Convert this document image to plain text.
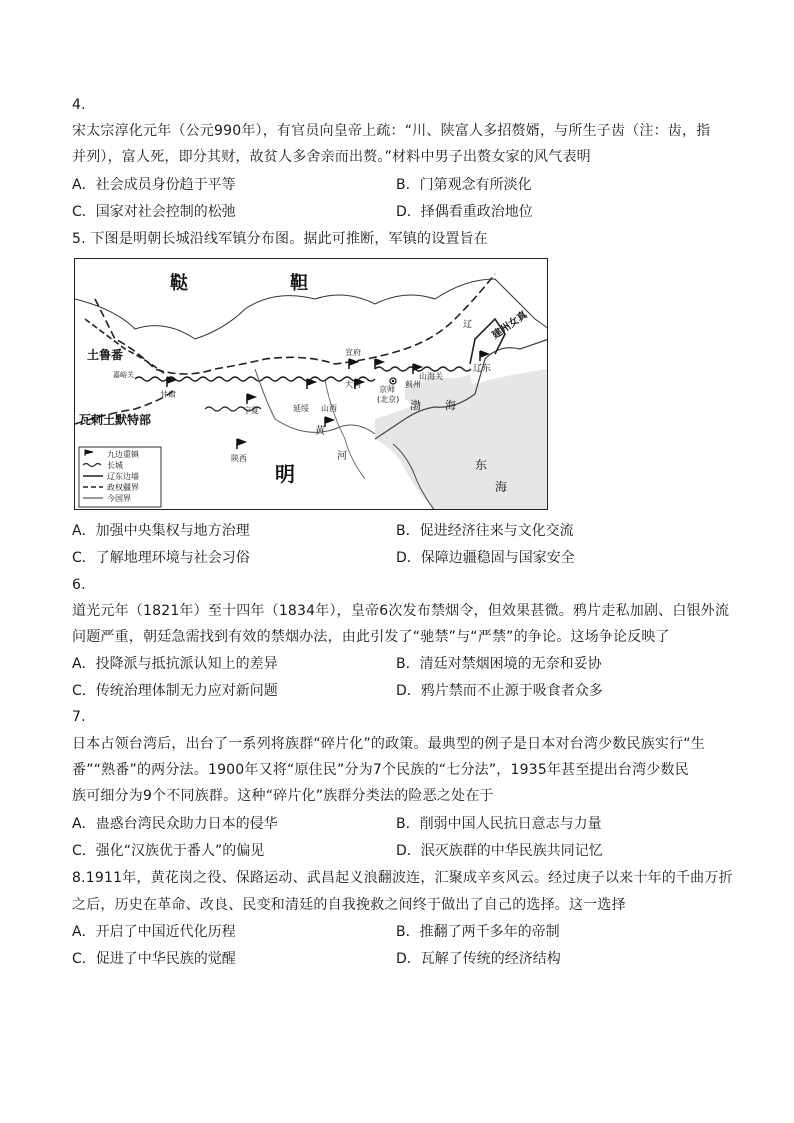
4.
宋太宗淳化元年（公元990年），有官员向皇帝上疏：“川、陕富人多招赘婿，与所生子齿（注：齿，指
并列），富人死，即分其财，故贫人多舍亲而出赘。”材料中男子出赘女家的风气表明
A．社会成员身份趋于平等	B．门第观念有所淡化
C．国家对社会控制的松弛	D．择偶看重政治地位
5. 下图是明朝长城沿线军镇分布图。据此可推断，军镇的设置旨在
九边重镇
长城
辽东边墙
政权疆界
今国界
鞑	靼
土鲁番
嘉峪关
瓦剌土默特部
建州女真
辽
明
宣府
大同
京师
(北京)
蓟州
山海关
辽东
甘肃
宁夏	延绥 山西
陕西
渤 海
东
海
河
黄
A．加强中央集权与地方治理	B．促进经济往来与文化交流
C．了解地理环境与社会习俗	D．保障边疆稳固与国家安全
6.
道光元年（1821年）至十四年（1834年），皇帝6次发布禁烟令，但效果甚微。鸦片走私加剧、白银外流
问题严重，朝廷急需找到有效的禁烟办法，由此引发了“驰禁”与“严禁”的争论。这场争论反映了
A．投降派与抵抗派认知上的差异	B．清廷对禁烟困境的无奈和妥协
C．传统治理体制无力应对新问题	D．鸦片禁而不止源于吸食者众多
7.
日本占领台湾后，出台了一系列将族群“碎片化”的政策。最典型的例子是日本对台湾少数民族实行“生
番”“熟番”的两分法。1900年又将“原住民”分为7个民族的“七分法”，1935年甚至提出台湾少数民
族可细分为9个不同族群。这种“碎片化”族群分类法的险恶之处在于
A．蛊惑台湾民众助力日本的侵华	B．削弱中国人民抗日意志与力量
C．强化“汉族优于番人”的偏见	D．泯灭族群的中华民族共同记忆
8.1911年，黄花岗之役、保路运动、武昌起义浪翻波连，汇聚成辛亥风云。经过庚子以来十年的千曲万折
之后，历史在革命、改良、民变和清廷的自我挽救之间终于做出了自己的选择。这一选择
A．开启了中国近代化历程	B．推翻了两千多年的帝制
C．促进了中华民族的觉醒	D．瓦解了传统的经济结构
